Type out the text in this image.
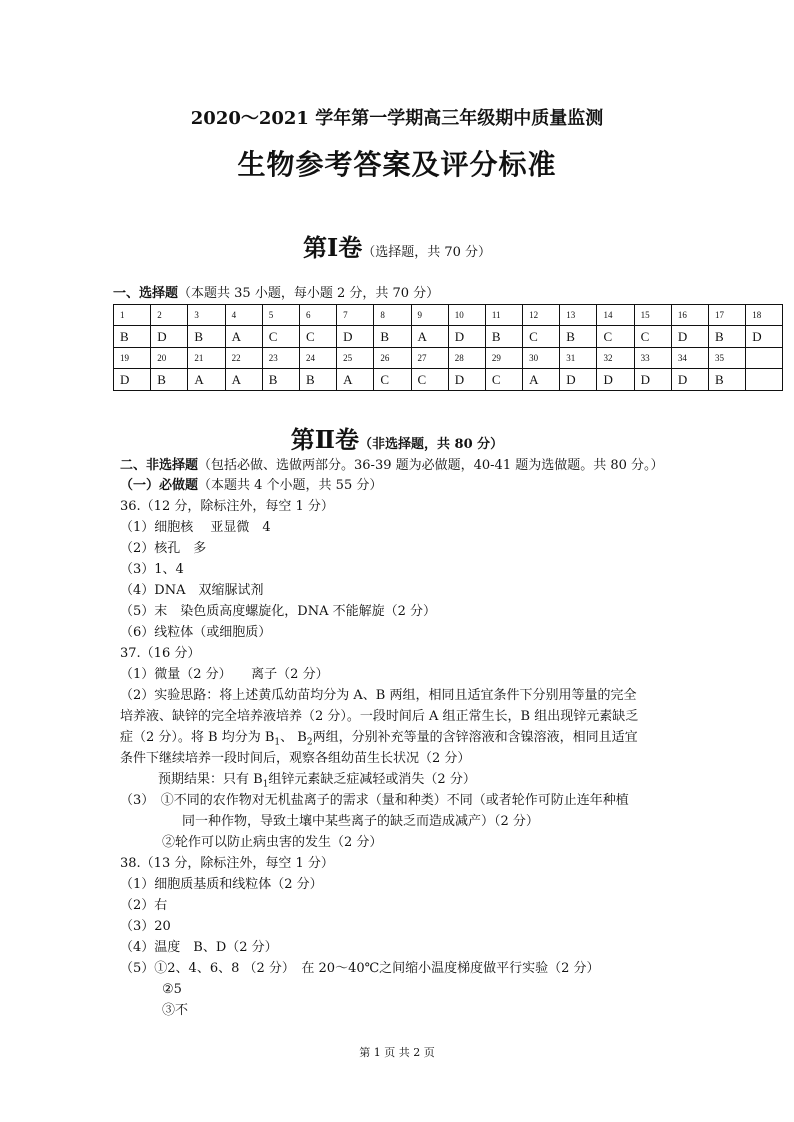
2020～2021 学年第一学期高三年级期中质量监测
生物参考答案及评分标准
第Ⅰ卷（选择题，共 70 分）
一、选择题（本题共 35 小题，每小题 2 分，共 70 分）
1	2	3	4	5	6	7	8	9	10	11	12	13	14	15	16	17	18
B	D	B	A	C	C	D	B	A	D	B	C	B	C	C	D	B	D
19	20	21	22	23	24	25	26	27	28	29	30	31	32	33	34	35	
D	B	A	A	B	B	A	C	C	D	C	A	D	D	D	D	B	
第Ⅱ卷（非选择题，共 80 分）
二、非选择题（包括必做、选做两部分。36-39 题为必做题，40-41 题为选做题。共 80 分。）
（一）必做题（本题共 4 个小题，共 55 分）
36.（12 分，除标注外，每空 1 分）
（1）细胞核　 亚显微　4
（2）核孔　多
（3）1、4
（4）DNA　双缩脲试剂
（5）末　染色质高度螺旋化，DNA 不能解旋（2 分）
（6）线粒体（或细胞质）
37.（16 分）
（1）微量（2 分）　　离子（2 分）
（2）实验思路：将上述黄瓜幼苗均分为 A、B 两组，相同且适宜条件下分别用等量的完全
培养液、缺锌的完全培养液培养（2 分）。一段时间后 A 组正常生长，B 组出现锌元素缺乏
症（2 分）。将 B 均分为 $B_1$、 $B_2$两组，分别补充等量的含锌溶液和含镍溶液，相同且适宜
条件下继续培养一段时间后，观察各组幼苗生长状况（2 分）
预期结果：只有 $B_1$组锌元素缺乏症减轻或消失（2 分）
（3）　①不同的农作物对无机盐离子的需求（量和种类）不同（或者轮作可防止连年种植
同一种作物，导致土壤中某些离子的缺乏而造成减产）（2 分）
②轮作可以防止病虫害的发生（2 分）
38.（13 分，除标注外，每空 1 分）
（1）细胞质基质和线粒体（2 分）
（2）右
（3）20
（4）温度　B、D（2 分）
（5）①2、4、6、8 （2 分）　在 20～40℃之间缩小温度梯度做平行实验（2 分）
②5
③不
第 1 页 共 2 页
